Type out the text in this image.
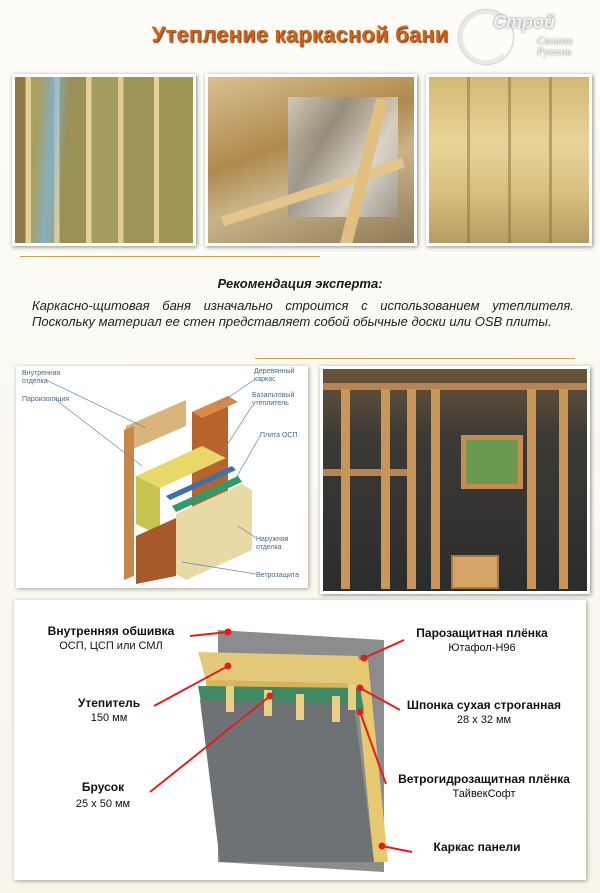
Утепление каркасной бани	Строй
Своими Руками
Рекомендация эксперта:
Каркасно-щитовая баня изначально строится с использованием утеплителя. Поскольку материал ее стен представляет собой обычные доски или OSB плиты.
Внутренняя отделка
Пароизоляция
Деревянный каркас
Базальтовый утеплитель
Плита ОСП
Наружняя отделка
Ветрозащита
Внутренняя обшивка
ОСП, ЦСП или СМЛ
Парозащитная плёнка
Ютафол-Н96
Утепитель
150 мм
Шпонка сухая строганная
28 х 32 мм
Брусок
25 х 50 мм
Ветрогидрозащитная плёнка
ТайвекСофт
Каркас панели
